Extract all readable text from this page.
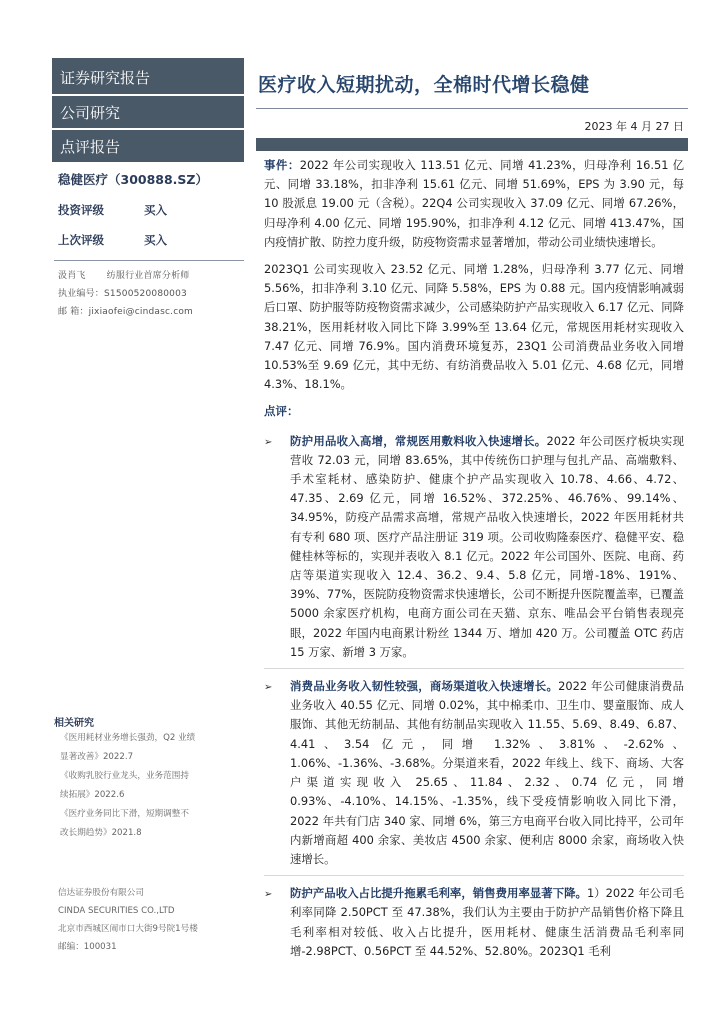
证券研究报告
公司研究
点评报告
稳健医疗（300888.SZ）
投资评级	买入
上次评级	买入
汲肖飞 纺服行业首席分析师
执业编号：S1500520080003
邮 箱：jixiaofei@cindasc.com
相关研究
《医用耗材业务增长强劲，Q2 业绩
显著改善》2022.7
《收购乳胶行业龙头，业务范围持
续拓展》2022.6
《医疗业务同比下滑，短期调整不
改长期趋势》2021.8
信达证券股份有限公司
CINDA SECURITIES CO.,LTD
北京市西城区闹市口大街9号院1号楼
邮编：100031
医疗收入短期扰动，全棉时代增长稳健
2023 年 4 月 27 日

事件：2022 年公司实现收入 113.51 亿元、同增 41.23%，归母净利 16.51 亿元、同增 33.18%，扣非净利 15.61 亿元、同增 51.69%，EPS 为 3.90 元，每 10 股派息 19.00 元（含税）。22Q4 公司实现收入 37.09 亿元、同增 67.26%，归母净利 4.00 亿元、同增 195.90%，扣非净利 4.12 亿元、同增 413.47%，国内疫情扩散、防控力度升级，防疫物资需求显著增加，带动公司业绩快速增长。

2023Q1 公司实现收入 23.52 亿元、同增 1.28%，归母净利 3.77 亿元、同增 5.56%，扣非净利 3.10 亿元、同降 5.58%，EPS 为 0.88 元。国内疫情影响减弱后口罩、防护服等防疫物资需求减少，公司感染防护产品实现收入 6.17 亿元、同降 38.21%，医用耗材收入同比下降 3.99%至 13.64 亿元，常规医用耗材实现收入 7.47 亿元、同增 76.9%。国内消费环境复苏，23Q1 公司消费品业务收入同增 10.53%至 9.69 亿元，其中无纺、有纺消费品收入 5.01 亿元、4.68 亿元，同增 4.3%、18.1%。

点评：
➢	防护用品收入高增，常规医用敷料收入快速增长。2022 年公司医疗板块实现营收 72.03 元，同增 83.65%，其中传统伤口护理与包扎产品、高端敷料、手术室耗材、感染防护、健康个护产品实现收入 10.78、4.66、4.72、47.35、2.69 亿元，同增 16.52%、372.25%、46.76%、99.14%、34.95%，防疫产品需求高增，常规产品收入快速增长，2022 年医用耗材共有专利 680 项、医疗产品注册证 319 项。公司收购隆泰医疗、稳健平安、稳健桂林等标的，实现并表收入 8.1 亿元。2022 年公司国外、医院、电商、药店等渠道实现收入 12.4、36.2、9.4、5.8 亿元，同增-18%、191%、39%、77%，医院防疫物资需求快速增长，公司不断提升医院覆盖率，已覆盖 5000 余家医疗机构，电商方面公司在天猫、京东、唯品会平台销售表现亮眼，2022 年国内电商累计粉丝 1344 万、增加 420 万。公司覆盖 OTC 药店 15 万家、新增 3 万家。
➢	消费品业务收入韧性较强，商场渠道收入快速增长。2022 年公司健康消费品业务收入 40.55 亿元、同增 0.02%，其中棉柔巾、卫生巾、婴童服饰、成人服饰、其他无纺制品、其他有纺制品实现收入 11.55、5.69、8.49、6.87、4.41、3.54 亿元，同增 1.32%、3.81%、-2.62%、1.06%、-1.36%、-3.68%。分渠道来看，2022 年线上、线下、商场、大客户渠道实现收入 25.65、11.84、2.32、0.74 亿元，同增 0.93%、-4.10%、14.15%、-1.35%，线下受疫情影响收入同比下滑，2022 年共有门店 340 家、同增 6%，第三方电商平台收入同比持平，公司年内新增商超 400 余家、美妆店 4500 余家、便利店 8000 余家，商场收入快速增长。
➢	防护产品收入占比提升拖累毛利率，销售费用率显著下降。1）2022 年公司毛利率同降 2.50PCT 至 47.38%，我们认为主要由于防护产品销售价格下降且毛利率相对较低、收入占比提升，医用耗材、健康生活消费品毛利率同增-2.98PCT、0.56PCT 至 44.52%、52.80%。2023Q1 毛利
